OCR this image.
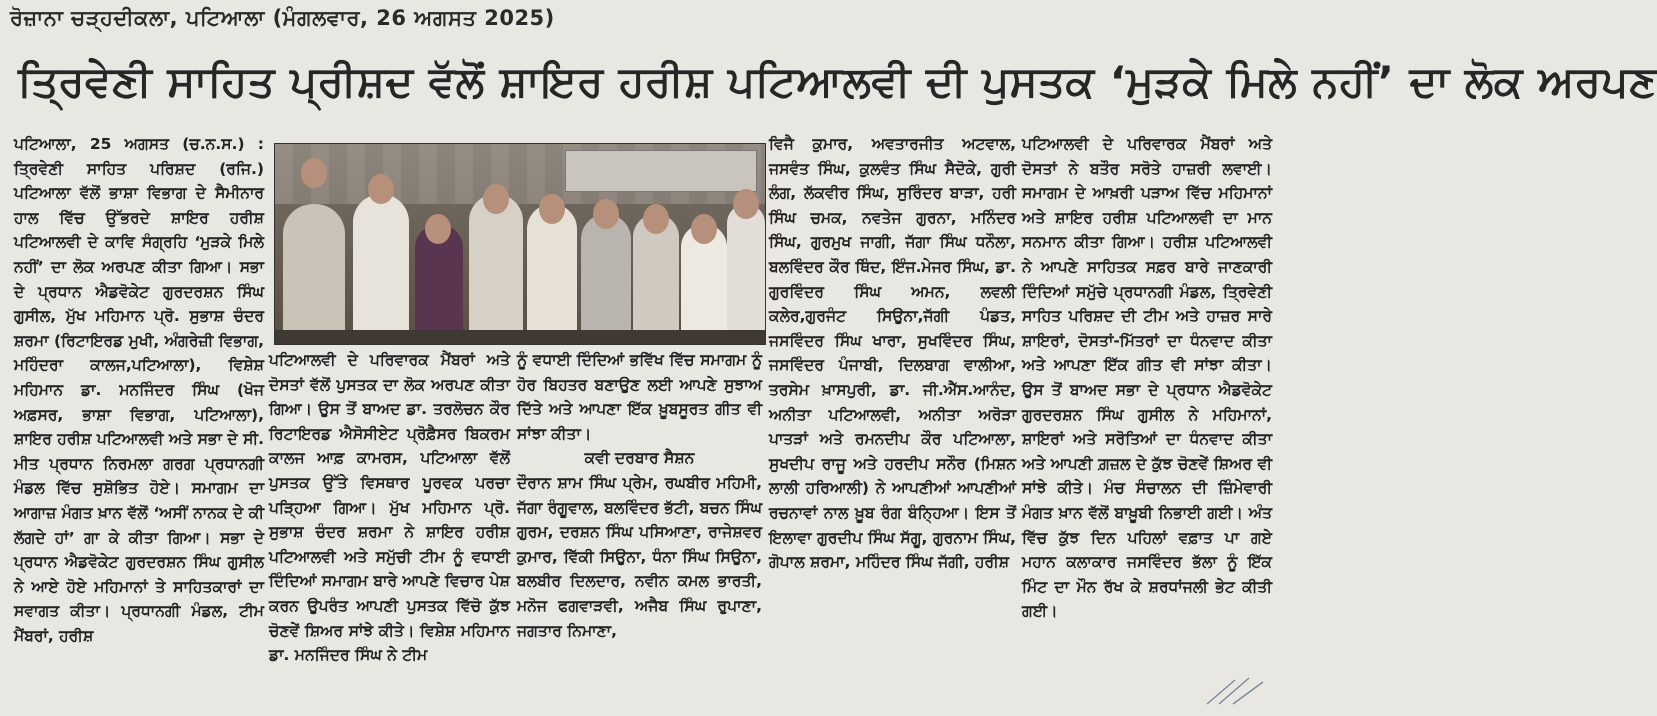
ਰੋਜ਼ਾਨਾ ਚੜ੍ਹਦੀਕਲਾ, ਪਟਿਆਲਾ (ਮੰਗਲਵਾਰ, 26 ਅਗਸਤ 2025)
ਤ੍ਰਿਵੇਣੀ ਸਾਹਿਤ ਪ੍ਰੀਸ਼ਦ ਵੱਲੋਂ ਸ਼ਾਇਰ ਹਰੀਸ਼ ਪਟਿਆਲਵੀ ਦੀ ਪੁਸਤਕ ‘ਮੁੜਕੇ ਮਿਲੇ ਨਹੀਂ’ ਦਾ ਲੋਕ ਅਰਪਣ

ਪਟਿਆਲਾ, 25 ਅਗਸਤ (ਚ.ਨ.ਸ.) : ਤ੍ਰਿਵੇਣੀ ਸਾਹਿਤ ਪਰਿਸ਼ਦ (ਰਜਿ.) ਪਟਿਆਲਾ ਵੱਲੋਂ ਭਾਸ਼ਾ ਵਿਭਾਗ ਦੇ ਸੈਮੀਨਾਰ ਹਾਲ ਵਿੱਚ ਉੱਭਰਦੇ ਸ਼ਾਇਰ ਹਰੀਸ਼ ਪਟਿਆਲਵੀ ਦੇ ਕਾਵਿ ਸੰਗ੍ਰਹਿ ‘ਮੁੜਕੇ ਮਿਲੇ ਨਹੀਂ’ ਦਾ ਲੋਕ ਅਰਪਣ ਕੀਤਾ ਗਿਆ। ਸਭਾ ਦੇ ਪ੍ਰਧਾਨ ਐਡਵੋਕੇਟ ਗੁਰਦਰਸ਼ਨ ਸਿੰਘ ਗੁਸੀਲ, ਮੁੱਖ ਮਹਿਮਾਨ ਪ੍ਰੋ. ਸੁਭਾਸ਼ ਚੰਦਰ ਸ਼ਰਮਾ (ਰਿਟਾਇਰਡ ਮੁਖੀ, ਅੰਗਰੇਜ਼ੀ ਵਿਭਾਗ, ਮਹਿੰਦਰਾ ਕਾਲਜ,ਪਟਿਆਲਾ), ਵਿਸ਼ੇਸ਼ ਮਹਿਮਾਨ ਡਾ. ਮਨਜਿੰਦਰ ਸਿੰਘ (ਖੋਜ ਅਫ਼ਸਰ, ਭਾਸ਼ਾ ਵਿਭਾਗ, ਪਟਿਆਲਾ), ਸ਼ਾਇਰ ਹਰੀਸ਼ ਪਟਿਆਲਵੀ ਅਤੇ ਸਭਾ ਦੇ ਸੀ. ਮੀਤ ਪ੍ਰਧਾਨ ਨਿਰਮਲਾ ਗਰਗ ਪ੍ਰਧਾਨਗੀ ਮੰਡਲ ਵਿੱਚ ਸੁਸ਼ੋਭਿਤ ਹੋਏ। ਸਮਾਗਮ ਦਾ ਆਗਾਜ਼ ਮੰਗਤ ਖ਼ਾਨ ਵੱਲੋਂ ‘ਅਸੀਂ ਨਾਨਕ ਦੇ ਕੀ ਲੱਗਦੇ ਹਾਂ’ ਗਾ ਕੇ ਕੀਤਾ ਗਿਆ। ਸਭਾ ਦੇ ਪ੍ਰਧਾਨ ਐਡਵੋਕੇਟ ਗੁਰਦਰਸ਼ਨ ਸਿੰਘ ਗੁਸੀਲ ਨੇ ਆਏ ਹੋਏ ਮਹਿਮਾਨਾਂ ਤੇ ਸਾਹਿਤਕਾਰਾਂ ਦਾ ਸਵਾਗਤ ਕੀਤਾ। ਪ੍ਰਧਾਨਗੀ ਮੰਡਲ, ਟੀਮ ਮੈਂਬਰਾਂ, ਹਰੀਸ਼

ਪਟਿਆਲਵੀ ਦੇ ਪਰਿਵਾਰਕ ਮੈਂਬਰਾਂ ਅਤੇ ਦੋਸਤਾਂ ਵੱਲੋਂ ਪੁਸਤਕ ਦਾ ਲੋਕ ਅਰਪਣ ਕੀਤਾ ਗਿਆ। ਉਸ ਤੋਂ ਬਾਅਦ ਡਾ. ਤਰਲੋਚਨ ਕੌਰ ਰਿਟਾਇਰਡ ਐਸੋਸੀਏਟ ਪ੍ਰੋਫ਼ੈਸਰ ਬਿਕਰਮ ਕਾਲਜ ਆਫ਼ ਕਾਮਰਸ, ਪਟਿਆਲਾ ਵੱਲੋਂ ਪੁਸਤਕ ਉੱਤੇ ਵਿਸਥਾਰ ਪੂਰਵਕ ਪਰਚਾ ਪੜ੍ਹਿਆ ਗਿਆ। ਮੁੱਖ ਮਹਿਮਾਨ ਪ੍ਰੋ. ਸੁਭਾਸ਼ ਚੰਦਰ ਸ਼ਰਮਾ ਨੇ ਸ਼ਾਇਰ ਹਰੀਸ਼ ਪਟਿਆਲਵੀ ਅਤੇ ਸਮੁੱਚੀ ਟੀਮ ਨੂੰ ਵਧਾਈ ਦਿੰਦਿਆਂ ਸਮਾਗਮ ਬਾਰੇ ਆਪਣੇ ਵਿਚਾਰ ਪੇਸ਼ ਕਰਨ ਉਪਰੰਤ ਆਪਣੀ ਪੁਸਤਕ ਵਿੱਚੋ ਕੁੱਝ ਚੋਣਵੇਂ ਸ਼ਿਅਰ ਸਾਂਝੇ ਕੀਤੇ। ਵਿਸ਼ੇਸ਼ ਮਹਿਮਾਨ ਡਾ. ਮਨਜਿੰਦਰ ਸਿੰਘ ਨੇ ਟੀਮ

ਨੂੰ ਵਧਾਈ ਦਿੰਦਿਆਂ ਭਵਿੱਖ ਵਿੱਚ ਸਮਾਗਮ ਨੂੰ ਹੋਰ ਬਿਹਤਰ ਬਣਾਉਣ ਲਈ ਆਪਣੇ ਸੁਝਾਅ ਦਿੱਤੇ ਅਤੇ ਆਪਣਾ ਇੱਕ ਖ਼ੂਬਸੂਰਤ ਗੀਤ ਵੀ ਸਾਂਝਾ ਕੀਤਾ।

ਕਵੀ ਦਰਬਾਰ ਸੈਸ਼ਨ

ਦੌਰਾਨ ਸ਼ਾਮ ਸਿੰਘ ਪ੍ਰੇਮ, ਰਘਬੀਰ ਮਹਿਮੀ, ਜੱਗਾ ਰੰਗੂਵਾਲ, ਬਲਵਿੰਦਰ ਭੱਟੀ, ਬਚਨ ਸਿੰਘ ਗੁਰਮ, ਦਰਸ਼ਨ ਸਿੰਘ ਪਸਿਆਣਾ, ਰਾਜੇਸ਼ਵਰ ਕੁਮਾਰ, ਵਿੱਕੀ ਸਿਉਨਾ, ਧੰਨਾ ਸਿੰਘ ਸਿਉਨਾ, ਬਲਬੀਰ ਦਿਲਦਾਰ, ਨਵੀਨ ਕਮਲ ਭਾਰਤੀ, ਮਨੋਜ ਫਗਵਾੜਵੀ, ਅਜੈਬ ਸਿੰਘ ਰੁਪਾਣਾ, ਜਗਤਾਰ ਨਿਮਾਣਾ,

ਵਿਜੈ ਕੁਮਾਰ, ਅਵਤਾਰਜੀਤ ਅਟਵਾਲ, ਜਸਵੰਤ ਸਿੰਘ, ਕੁਲਵੰਤ ਸਿੰਘ ਸੈਦੋਕੇ, ਗੁਰੀ ਲੰਗ, ਲੱਕਵੀਰ ਸਿੰਘ, ਸੁਰਿੰਦਰ ਬਾੜਾ, ਹਰੀ ਸਿੰਘ ਚਮਕ, ਨਵਤੇਜ ਗੁਰਨਾ, ਮਨਿੰਦਰ ਸਿੰਘ, ਗੁਰਮੁਖ ਜਾਗੀ, ਜੱਗਾ ਸਿੰਘ ਧਨੌਲਾ, ਬਲਵਿੰਦਰ ਕੌਰ ਥਿੰਦ, ਇੰਜ.ਮੇਜਰ ਸਿੰਘ, ਡਾ. ਗੁਰਵਿੰਦਰ ਸਿੰਘ ਅਮਨ, ਲਵਲੀ ਕਲੇਰ,ਗੁਰਜੰਟ ਸਿਉਨਾ,ਜੱਗੀ ਪੰਡਤ, ਜਸਵਿੰਦਰ ਸਿੰਘ ਖਾਰਾ, ਸੁਖਵਿੰਦਰ ਸਿੰਘ, ਜਸਵਿੰਦਰ ਪੰਜਾਬੀ, ਦਿਲਬਾਗ ਵਾਲੀਆ, ਤਰਸੇਮ ਖ਼ਾਸਪੁਰੀ, ਡਾ. ਜੀ.ਐੱਸ.ਆਨੰਦ, ਅਨੀਤਾ ਪਟਿਆਲਵੀ, ਅਨੀਤਾ ਅਰੋੜਾ ਪਾਤੜਾਂ ਅਤੇ ਰਮਨਦੀਪ ਕੌਰ ਪਟਿਆਲਾ, ਸੁਖਦੀਪ ਰਾਜੂ ਅਤੇ ਹਰਦੀਪ ਸਨੌਰ (ਮਿਸ਼ਨ ਲਾਲੀ ਹਰਿਆਲੀ) ਨੇ ਆਪਣੀਆਂ ਆਪਣੀਆਂ ਰਚਨਾਵਾਂ ਨਾਲ ਖ਼ੂਬ ਰੰਗ ਬੰਨ੍ਹਿਆ। ਇਸ ਤੋਂ ਇਲਾਵਾ ਗੁਰਦੀਪ ਸਿੰਘ ਸੱਗੂ, ਗੁਰਨਾਮ ਸਿੰਘ, ਗੋਪਾਲ ਸ਼ਰਮਾ, ਮਹਿੰਦਰ ਸਿੰਘ ਜੱਗੀ, ਹਰੀਸ਼

ਪਟਿਆਲਵੀ ਦੇ ਪਰਿਵਾਰਕ ਮੈਂਬਰਾਂ ਅਤੇ ਦੋਸਤਾਂ ਨੇ ਬਤੌਰ ਸਰੋਤੇ ਹਾਜ਼ਰੀ ਲਵਾਈ। ਸਮਾਗਮ ਦੇ ਆਖ਼ਰੀ ਪੜਾਅ ਵਿੱਚ ਮਹਿਮਾਨਾਂ ਅਤੇ ਸ਼ਾਇਰ ਹਰੀਸ਼ ਪਟਿਆਲਵੀ ਦਾ ਮਾਨ ਸਨਮਾਨ ਕੀਤਾ ਗਿਆ। ਹਰੀਸ਼ ਪਟਿਆਲਵੀ ਨੇ ਆਪਣੇ ਸਾਹਿਤਕ ਸਫ਼ਰ ਬਾਰੇ ਜਾਣਕਾਰੀ ਦਿੰਦਿਆਂ ਸਮੁੱਚੇ ਪ੍ਰਧਾਨਗੀ ਮੰਡਲ, ਤ੍ਰਿਵੇਣੀ ਸਾਹਿਤ ਪਰਿਸ਼ਦ ਦੀ ਟੀਮ ਅਤੇ ਹਾਜ਼ਰ ਸਾਰੇ ਸ਼ਾਇਰਾਂ, ਦੋਸਤਾਂ-ਮਿੱਤਰਾਂ ਦਾ ਧੰਨਵਾਦ ਕੀਤਾ ਅਤੇ ਆਪਣਾ ਇੱਕ ਗੀਤ ਵੀ ਸਾਂਝਾ ਕੀਤਾ। ਉਸ ਤੋਂ ਬਾਅਦ ਸਭਾ ਦੇ ਪ੍ਰਧਾਨ ਐਡਵੋਕੇਟ ਗੁਰਦਰਸ਼ਨ ਸਿੰਘ ਗੁਸੀਲ ਨੇ ਮਹਿਮਾਨਾਂ, ਸ਼ਾਇਰਾਂ ਅਤੇ ਸਰੋਤਿਆਂ ਦਾ ਧੰਨਵਾਦ ਕੀਤਾ ਅਤੇ ਆਪਣੀ ਗ਼ਜ਼ਲ ਦੇ ਕੁੱਝ ਚੋਣਵੇਂ ਸ਼ਿਅਰ ਵੀ ਸਾਂਝੇ ਕੀਤੇ। ਮੰਚ ਸੰਚਾਲਨ ਦੀ ਜ਼ਿੰਮੇਵਾਰੀ ਮੰਗਤ ਖ਼ਾਨ ਵੱਲੋਂ ਬਾਖ਼ੂਬੀ ਨਿਭਾਈ ਗਈ। ਅੰਤ ਵਿੱਚ ਕੁੱਝ ਦਿਨ ਪਹਿਲਾਂ ਵਫ਼ਾਤ ਪਾ ਗਏ ਮਹਾਨ ਕਲਾਕਾਰ ਜਸਵਿੰਦਰ ਭੱਲਾ ਨੂੰ ਇੱਕ ਮਿੰਟ ਦਾ ਮੌਨ ਰੱਖ ਕੇ ਸ਼ਰਧਾਂਜਲੀ ਭੇਟ ਕੀਤੀ ਗਈ।
